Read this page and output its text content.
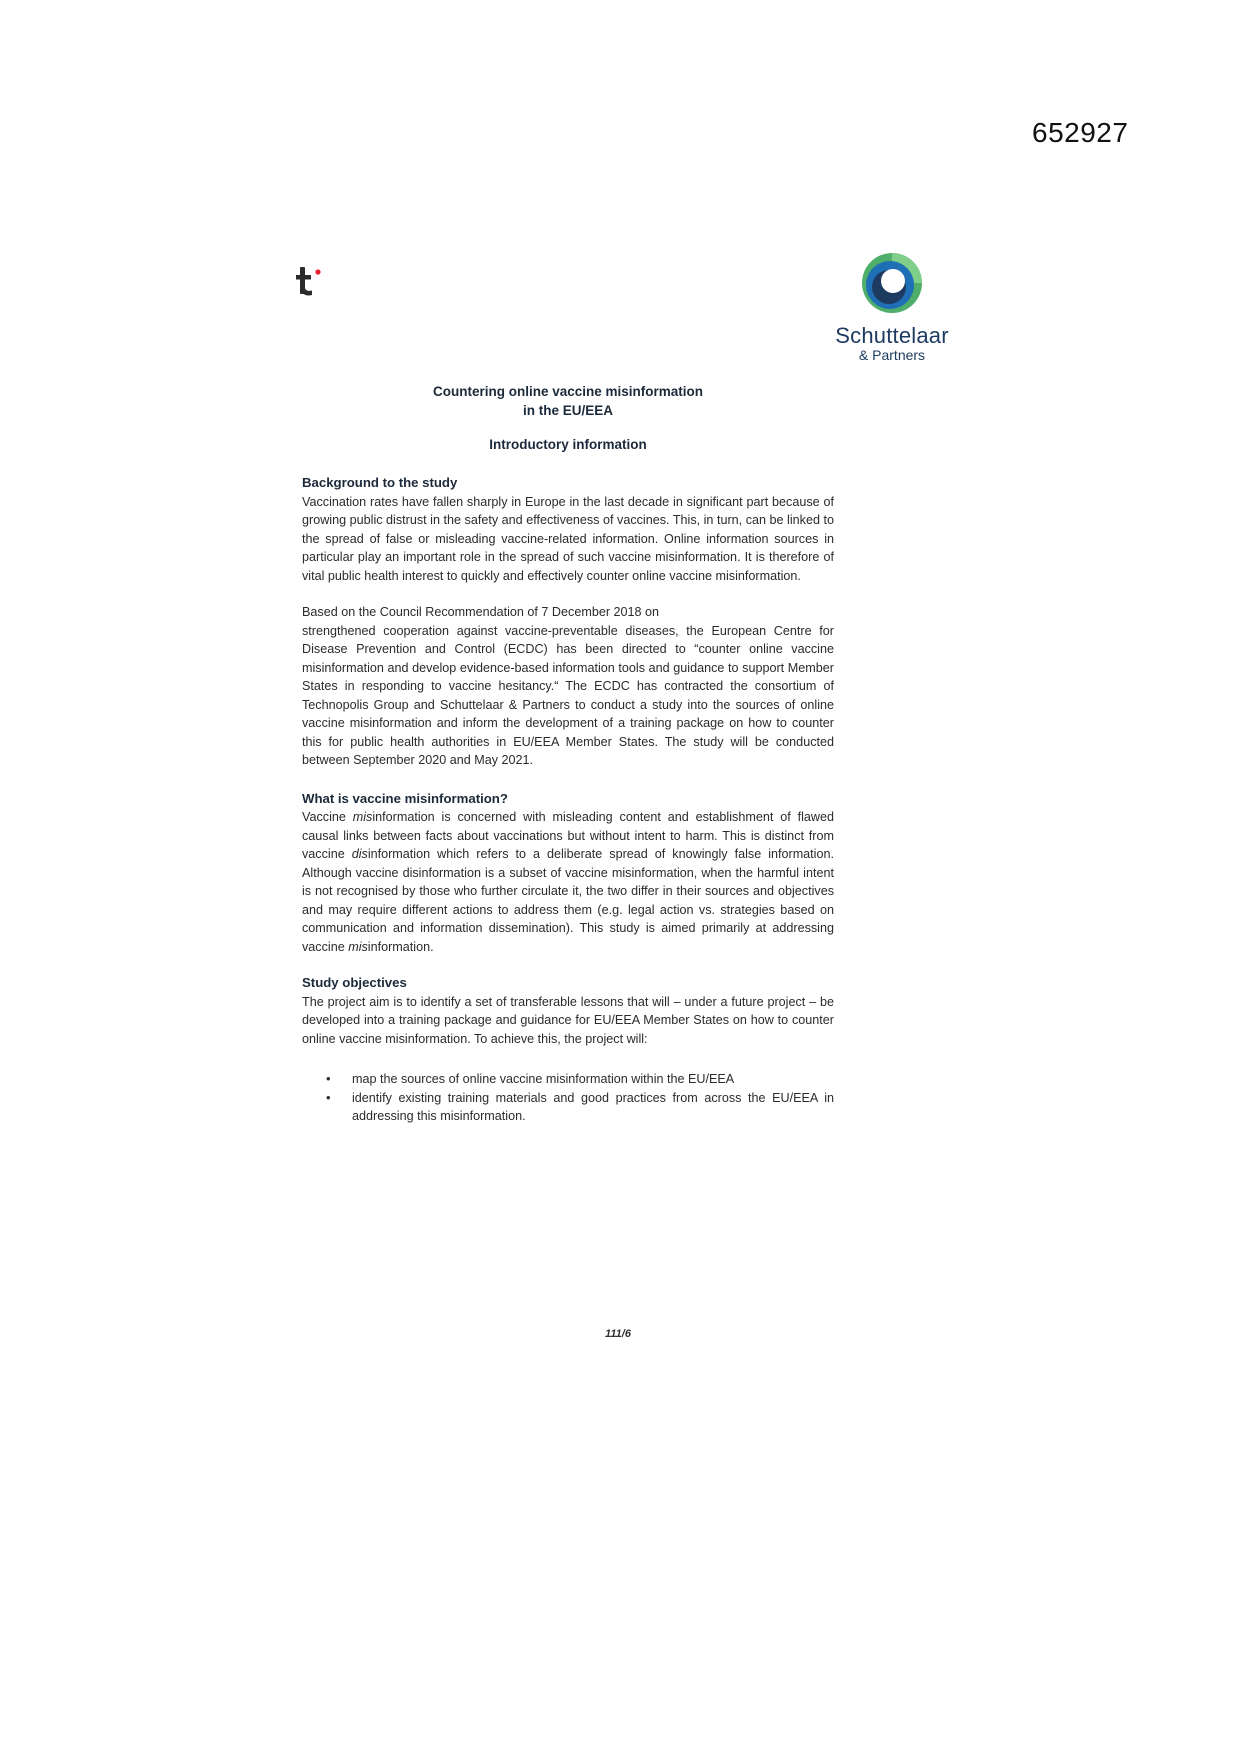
652927
Schuttelaar
& Partners
Countering online vaccine misinformation
in the EU/EEA
Introductory information
Background to the study

Vaccination rates have fallen sharply in Europe in the last decade in significant part because of growing public distrust in the safety and effectiveness of vaccines. This, in turn, can be linked to the spread of false or misleading vaccine-related information. Online information sources in particular play an important role in the spread of such vaccine misinformation. It is therefore of vital public health interest to quickly and effectively counter online vaccine misinformation.

Based on the Council Recommendation of 7 December 2018 on
strengthened cooperation against vaccine-preventable diseases, the European Centre for Disease Prevention and Control (ECDC) has been directed to “counter online vaccine misinformation and develop evidence-based information tools and guidance to support Member States in responding to vaccine hesitancy.“ The ECDC has contracted the consortium of Technopolis Group and Schuttelaar & Partners to conduct a study into the sources of online vaccine misinformation and inform the development of a training package on how to counter this for public health authorities in EU/EEA Member States. The study will be conducted between September 2020 and May 2021.

What is vaccine misinformation?

Vaccine misinformation is concerned with misleading content and establishment of flawed causal links between facts about vaccinations but without intent to harm. This is distinct from vaccine disinformation which refers to a deliberate spread of knowingly false information. Although vaccine disinformation is a subset of vaccine misinformation, when the harmful intent is not recognised by those who further circulate it, the two differ in their sources and objectives and may require different actions to address them (e.g. legal action vs. strategies based on communication and information dissemination). This study is aimed primarily at addressing vaccine misinformation.

Study objectives

The project aim is to identify a set of transferable lessons that will – under a future project – be developed into a training package and guidance for EU/EEA Member States on how to counter online vaccine misinformation. To achieve this, the project will:

• map the sources of online vaccine misinformation within the EU/EEA
• identify existing training materials and good practices from across the EU/EEA in addressing this misinformation.
111/6
